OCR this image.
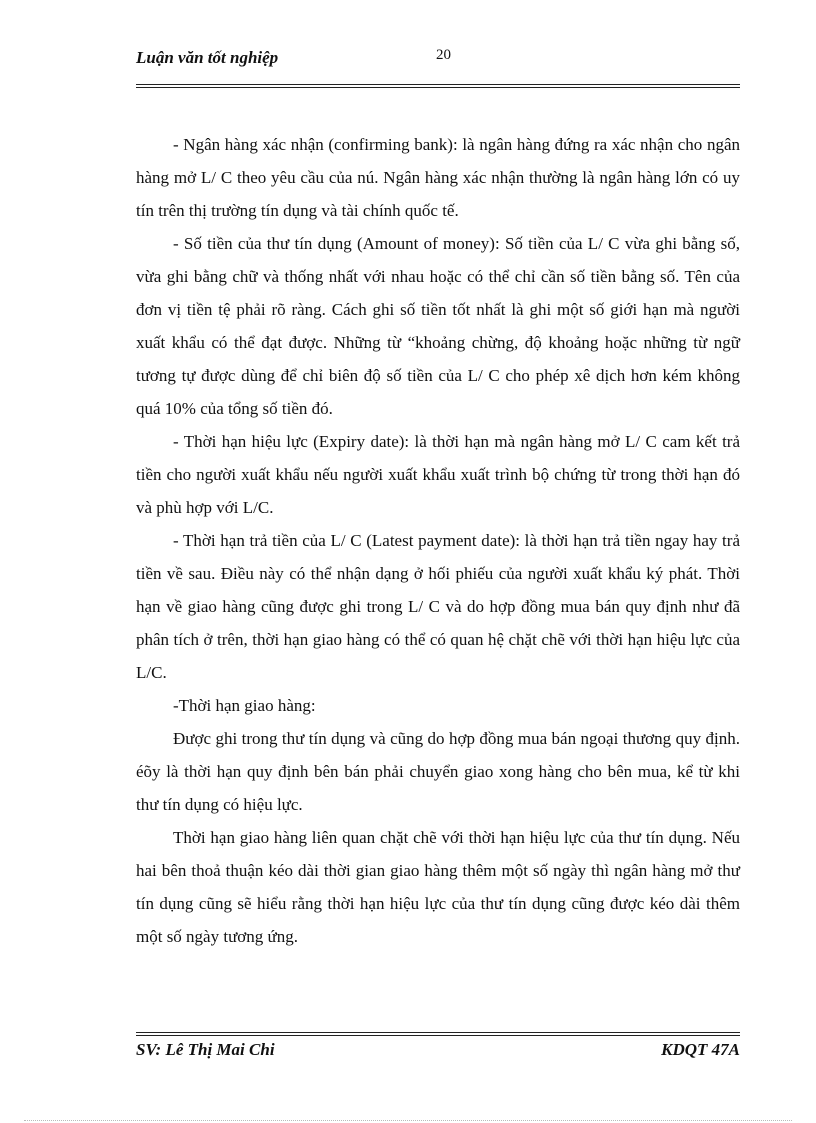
Luận văn tốt nghiệp	20

- Ngân hàng xác nhận (confirming bank): là ngân hàng đứng ra xác nhận cho ngân hàng mở L/ C theo yêu cầu của nú. Ngân hàng xác nhận thường là ngân hàng lớn có uy tín trên thị trường tín dụng và tài chính quốc tế.

- Số tiền của thư tín dụng (Amount of money): Số tiền của L/ C vừa ghi bằng số, vừa ghi bằng chữ và thống nhất với nhau hoặc có thể chỉ cần số tiền bằng số. Tên của đơn vị tiền tệ phải rõ ràng. Cách ghi số tiền tốt nhất là ghi một số giới hạn mà người xuất khẩu có thể đạt được. Những từ “khoảng chừng, độ khoảng hoặc những từ ngữ tương tự được dùng để chỉ biên độ số tiền của L/ C cho phép xê dịch hơn kém không quá 10% của tổng số tiền đó.

- Thời hạn hiệu lực (Expiry date): là thời hạn mà ngân hàng mở L/ C cam kết trả tiền cho người xuất khẩu nếu người xuất khẩu xuất trình bộ chứng từ trong thời hạn đó và phù hợp với L/C.

- Thời hạn trả tiền của L/ C (Latest payment date): là thời hạn trả tiền ngay hay trả tiền về sau. Điều này có thể nhận dạng ở hối phiếu của người xuất khẩu ký phát. Thời hạn về giao hàng cũng được ghi trong L/ C và do hợp đồng mua bán quy định như đã phân tích ở trên, thời hạn giao hàng có thể có quan hệ chặt chẽ với thời hạn hiệu lực của L/C.

-Thời hạn giao hàng:

Được ghi trong thư tín dụng và cũng do hợp đồng mua bán ngoại thương quy định. éõy là thời hạn quy định bên bán phải chuyển giao xong hàng cho bên mua, kể từ khi thư tín dụng có hiệu lực.

Thời hạn giao hàng liên quan chặt chẽ với thời hạn hiệu lực của thư tín dụng. Nếu hai bên thoả thuận kéo dài thời gian giao hàng thêm một số ngày thì ngân hàng mở thư tín dụng cũng sẽ hiểu rằng thời hạn hiệu lực của thư tín dụng cũng được kéo dài thêm một số ngày tương ứng.

SV: Lê Thị Mai Chi	KDQT 47A
